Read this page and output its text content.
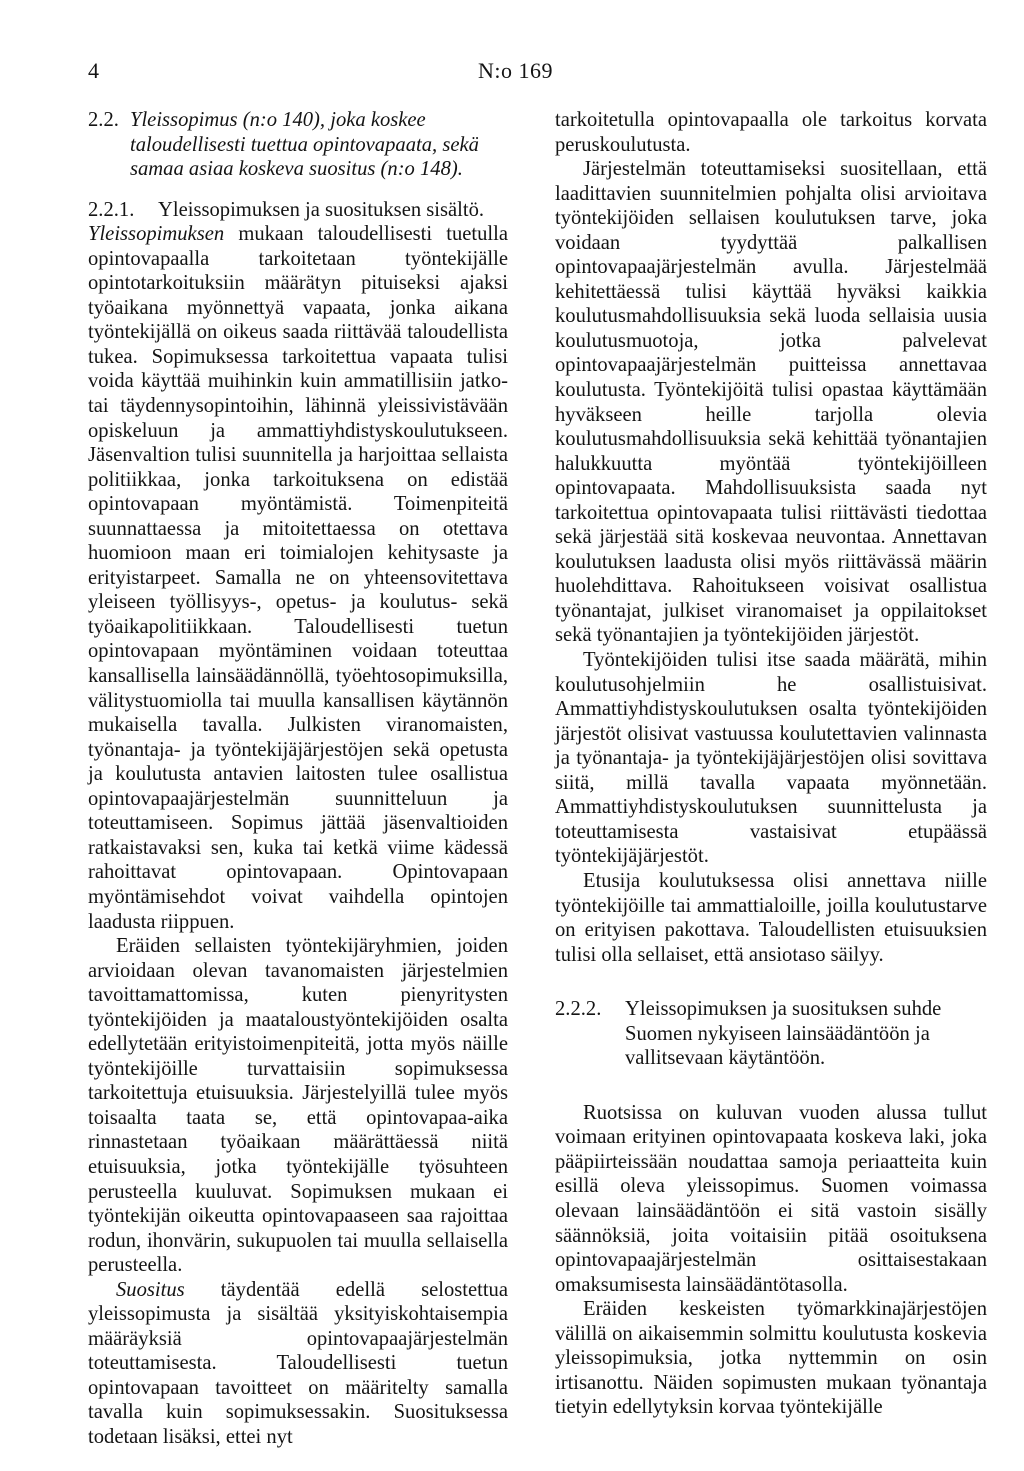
4	N:o 169
2.2. Yleissopimus (n:o 140), joka koskee taloudellisesti tuettua opintovapaata, sekä samaa asiaa koskeva suositus (n:o 148).
2.2.1.	Yleissopimuksen ja suosituksen sisältö.

Yleissopimuksen mukaan taloudellisesti tuetulla opintovapaalla tarkoitetaan työntekijälle opintotarkoituksiin määrätyn pituiseksi ajaksi työaikana myönnettyä vapaata, jonka aikana työntekijällä on oikeus saada riittävää taloudellista tukea. Sopimuksessa tarkoitettua vapaata tulisi voida käyttää muihinkin kuin ammatillisiin jatko- tai täydennysopintoihin, lähinnä yleissivistävään opiskeluun ja ammattiyhdistyskoulutukseen. Jäsenvaltion tulisi suunnitella ja harjoittaa sellaista politiikkaa, jonka tarkoituksena on edistää opintovapaan myöntämistä. Toimenpiteitä suunnattaessa ja mitoitettaessa on otettava huomioon maan eri toimialojen kehitysaste ja erityistarpeet. Samalla ne on yhteensovitettava yleiseen työllisyys-, opetus- ja koulutus- sekä työaikapolitiikkaan. Taloudellisesti tuetun opintovapaan myöntäminen voidaan toteuttaa kansallisella lainsäädännöllä, työehtosopimuksilla, välitystuomiolla tai muulla kansallisen käytännön mukaisella tavalla. Julkisten viranomaisten, työnantaja- ja työntekijäjärjestöjen sekä opetusta ja koulutusta antavien laitosten tulee osallistua opintovapaajärjestelmän suunnitteluun ja toteuttamiseen. Sopimus jättää jäsenvaltioiden ratkaistavaksi sen, kuka tai ketkä viime kädessä rahoittavat opintovapaan. Opintovapaan myöntämisehdot voivat vaihdella opintojen laadusta riippuen.

Eräiden sellaisten työntekijäryhmien, joiden arvioidaan olevan tavanomaisten järjestelmien tavoittamattomissa, kuten pienyritysten työntekijöiden ja maataloustyöntekijöiden osalta edellytetään erityistoimenpiteitä, jotta myös näille työntekijöille turvattaisiin sopimuksessa tarkoitettuja etuisuuksia. Järjestelyillä tulee myös toisaalta taata se, että opintovapaa-aika rinnastetaan työaikaan määrättäessä niitä etuisuuksia, jotka työntekijälle työsuhteen perusteella kuuluvat. Sopimuksen mukaan ei työntekijän oikeutta opintovapaaseen saa rajoittaa rodun, ihonvärin, sukupuolen tai muulla sellaisella perusteella.

Suositus täydentää edellä selostettua yleissopimusta ja sisältää yksityiskohtaisempia määräyksiä opintovapaajärjestelmän toteuttamisesta. Taloudellisesti tuetun opintovapaan tavoitteet on määritelty samalla tavalla kuin sopimuksessakin. Suosituksessa todetaan lisäksi, ettei nyt

tarkoitetulla opintovapaalla ole tarkoitus korvata peruskoulutusta.

Järjestelmän toteuttamiseksi suositellaan, että laadittavien suunnitelmien pohjalta olisi arvioitava työntekijöiden sellaisen koulutuksen tarve, joka voidaan tyydyttää palkallisen opintovapaajärjestelmän avulla. Järjestelmää kehitettäessä tulisi käyttää hyväksi kaikkia koulutusmahdollisuuksia sekä luoda sellaisia uusia koulutusmuotoja, jotka palvelevat opintovapaajärjestelmän puitteissa annettavaa koulutusta. Työntekijöitä tulisi opastaa käyttämään hyväkseen heille tarjolla olevia koulutusmahdollisuuksia sekä kehittää työnantajien halukkuutta myöntää työntekijöilleen opintovapaata. Mahdollisuuksista saada nyt tarkoitettua opintovapaata tulisi riittävästi tiedottaa sekä järjestää sitä koskevaa neuvontaa. Annettavan koulutuksen laadusta olisi myös riittävässä määrin huolehdittava. Rahoitukseen voisivat osallistua työnantajat, julkiset viranomaiset ja oppilaitokset sekä työnantajien ja työntekijöiden järjestöt.

Työntekijöiden tulisi itse saada määrätä, mihin koulutusohjelmiin he osallistuisivat. Ammattiyhdistyskoulutuksen osalta työntekijöiden järjestöt olisivat vastuussa koulutettavien valinnasta ja työnantaja- ja työntekijäjärjestöjen olisi sovittava siitä, millä tavalla vapaata myönnetään. Ammattiyhdistyskoulutuksen suunnittelusta ja toteuttamisesta vastaisivat etupäässä työntekijäjärjestöt.

Etusija koulutuksessa olisi annettava niille työntekijöille tai ammattialoille, joilla koulutustarve on erityisen pakottava. Taloudellisten etuisuuksien tulisi olla sellaiset, että ansiotaso säilyy.

2.2.2.	Yleissopimuksen ja suosituksen suhde Suomen nykyiseen lainsäädäntöön ja vallitsevaan käytäntöön.

Ruotsissa on kuluvan vuoden alussa tullut voimaan erityinen opintovapaata koskeva laki, joka pääpiirteissään noudattaa samoja periaatteita kuin esillä oleva yleissopimus. Suomen voimassa olevaan lainsäädäntöön ei sitä vastoin sisälly säännöksiä, joita voitaisiin pitää osoituksena opintovapaajärjestelmän osittaisestakaan omaksumisesta lainsäädäntötasolla.

Eräiden keskeisten työmarkkinajärjestöjen välillä on aikaisemmin solmittu koulutusta koskevia yleissopimuksia, jotka nyttemmin on osin irtisanottu. Näiden sopimusten mukaan työnantaja tietyin edellytyksin korvaa työntekijälle
